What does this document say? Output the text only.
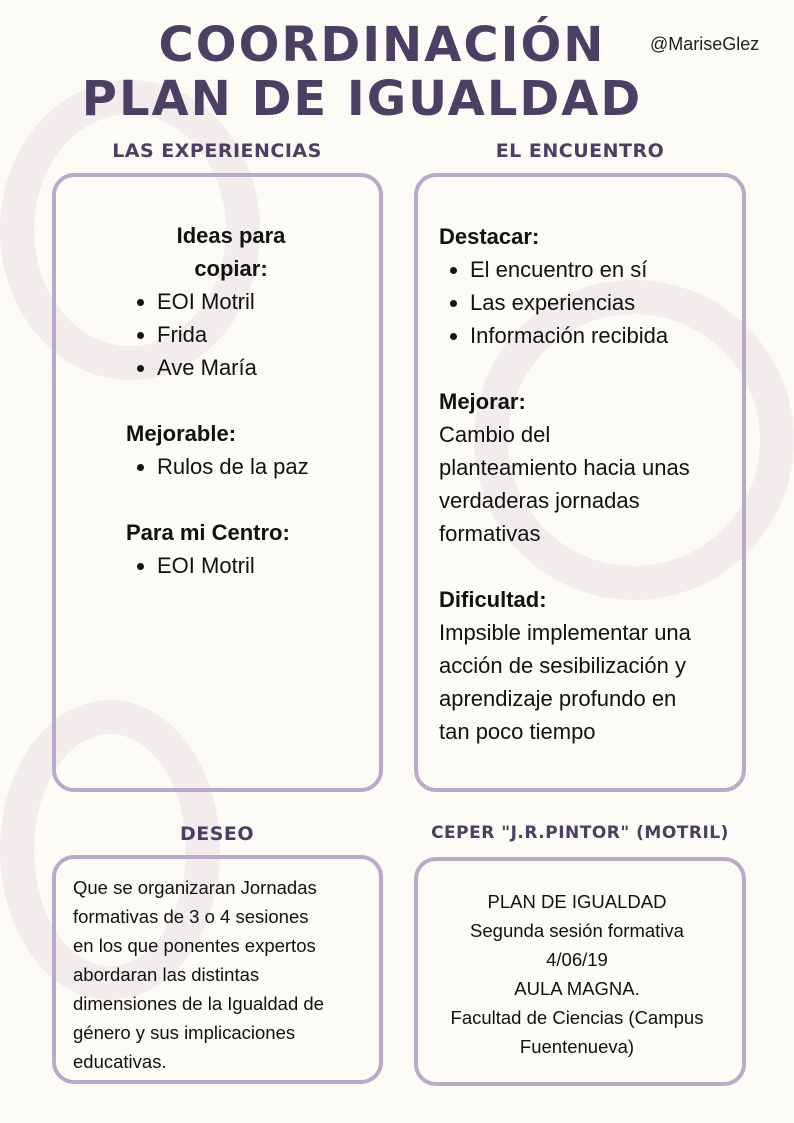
COORDINACIÓN
PLAN DE IGUALDAD
@MariseGlez
LAS EXPERIENCIAS	EL ENCUENTRO

Ideas para

copiar:

• EOI Motril
• Frida
• Ave María

Mejorable:

• Rulos de la paz

Para mi Centro:

• EOI Motril

Destacar:

• El encuentro en sí
• Las experiencias
• Información recibida

Mejorar:

Cambio del

planteamiento hacia unas

verdaderas jornadas

formativas

Dificultad:

Impsible implementar una

acción de sesibilización y

aprendizaje profundo en

tan poco tiempo

DESEO	CEPER "J.R.PINTOR" (MOTRIL)

Que se organizaran Jornadas

formativas de 3 o 4 sesiones

en los que ponentes expertos

abordaran las distintas

dimensiones de la Igualdad de

género y sus implicaciones

educativas.

PLAN DE IGUALDAD

Segunda sesión formativa

4/06/19

AULA MAGNA.

Facultad de Ciencias (Campus

Fuentenueva)
